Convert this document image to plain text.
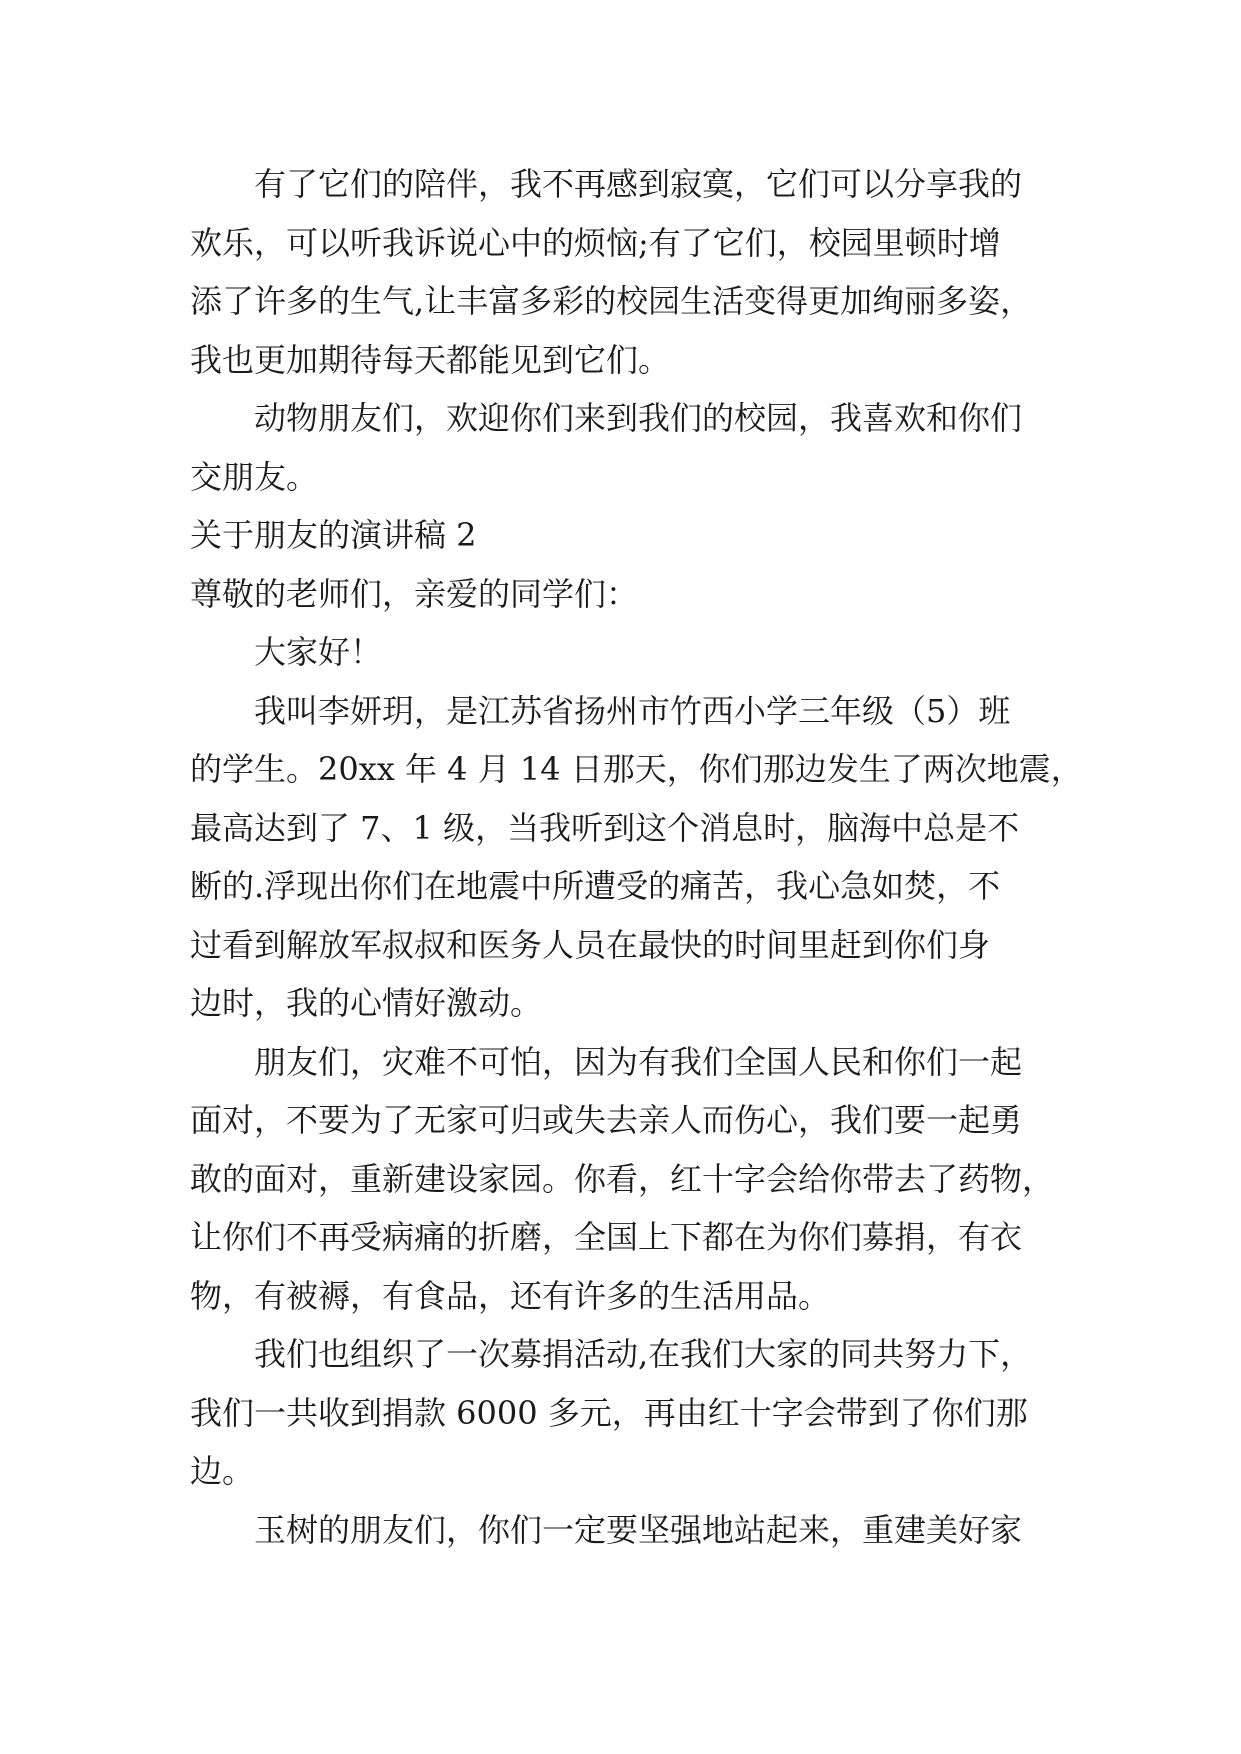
有了它们的陪伴，我不再感到寂寞，它们可以分享我的
欢乐，可以听我诉说心中的烦恼;有了它们，校园里顿时增
添了许多的生气,让丰富多彩的校园生活变得更加绚丽多姿，
我也更加期待每天都能见到它们。
动物朋友们，欢迎你们来到我们的校园，我喜欢和你们
交朋友。
关于朋友的演讲稿 2
尊敬的老师们，亲爱的同学们：
大家好！
我叫李妍玥，是江苏省扬州市竹西小学三年级（5）班
的学生。20xx 年 4 月 14 日那天，你们那边发生了两次地震，
最高达到了 7、1 级，当我听到这个消息时，脑海中总是不
断的.浮现出你们在地震中所遭受的痛苦，我心急如焚，不
过看到解放军叔叔和医务人员在最快的时间里赶到你们身
边时，我的心情好激动。
朋友们，灾难不可怕，因为有我们全国人民和你们一起
面对，不要为了无家可归或失去亲人而伤心，我们要一起勇
敢的面对，重新建设家园。你看，红十字会给你带去了药物，
让你们不再受病痛的折磨，全国上下都在为你们募捐，有衣
物，有被褥，有食品，还有许多的生活用品。
我们也组织了一次募捐活动,在我们大家的同共努力下，
我们一共收到捐款 6000 多元，再由红十字会带到了你们那
边。
玉树的朋友们，你们一定要坚强地站起来，重建美好家
